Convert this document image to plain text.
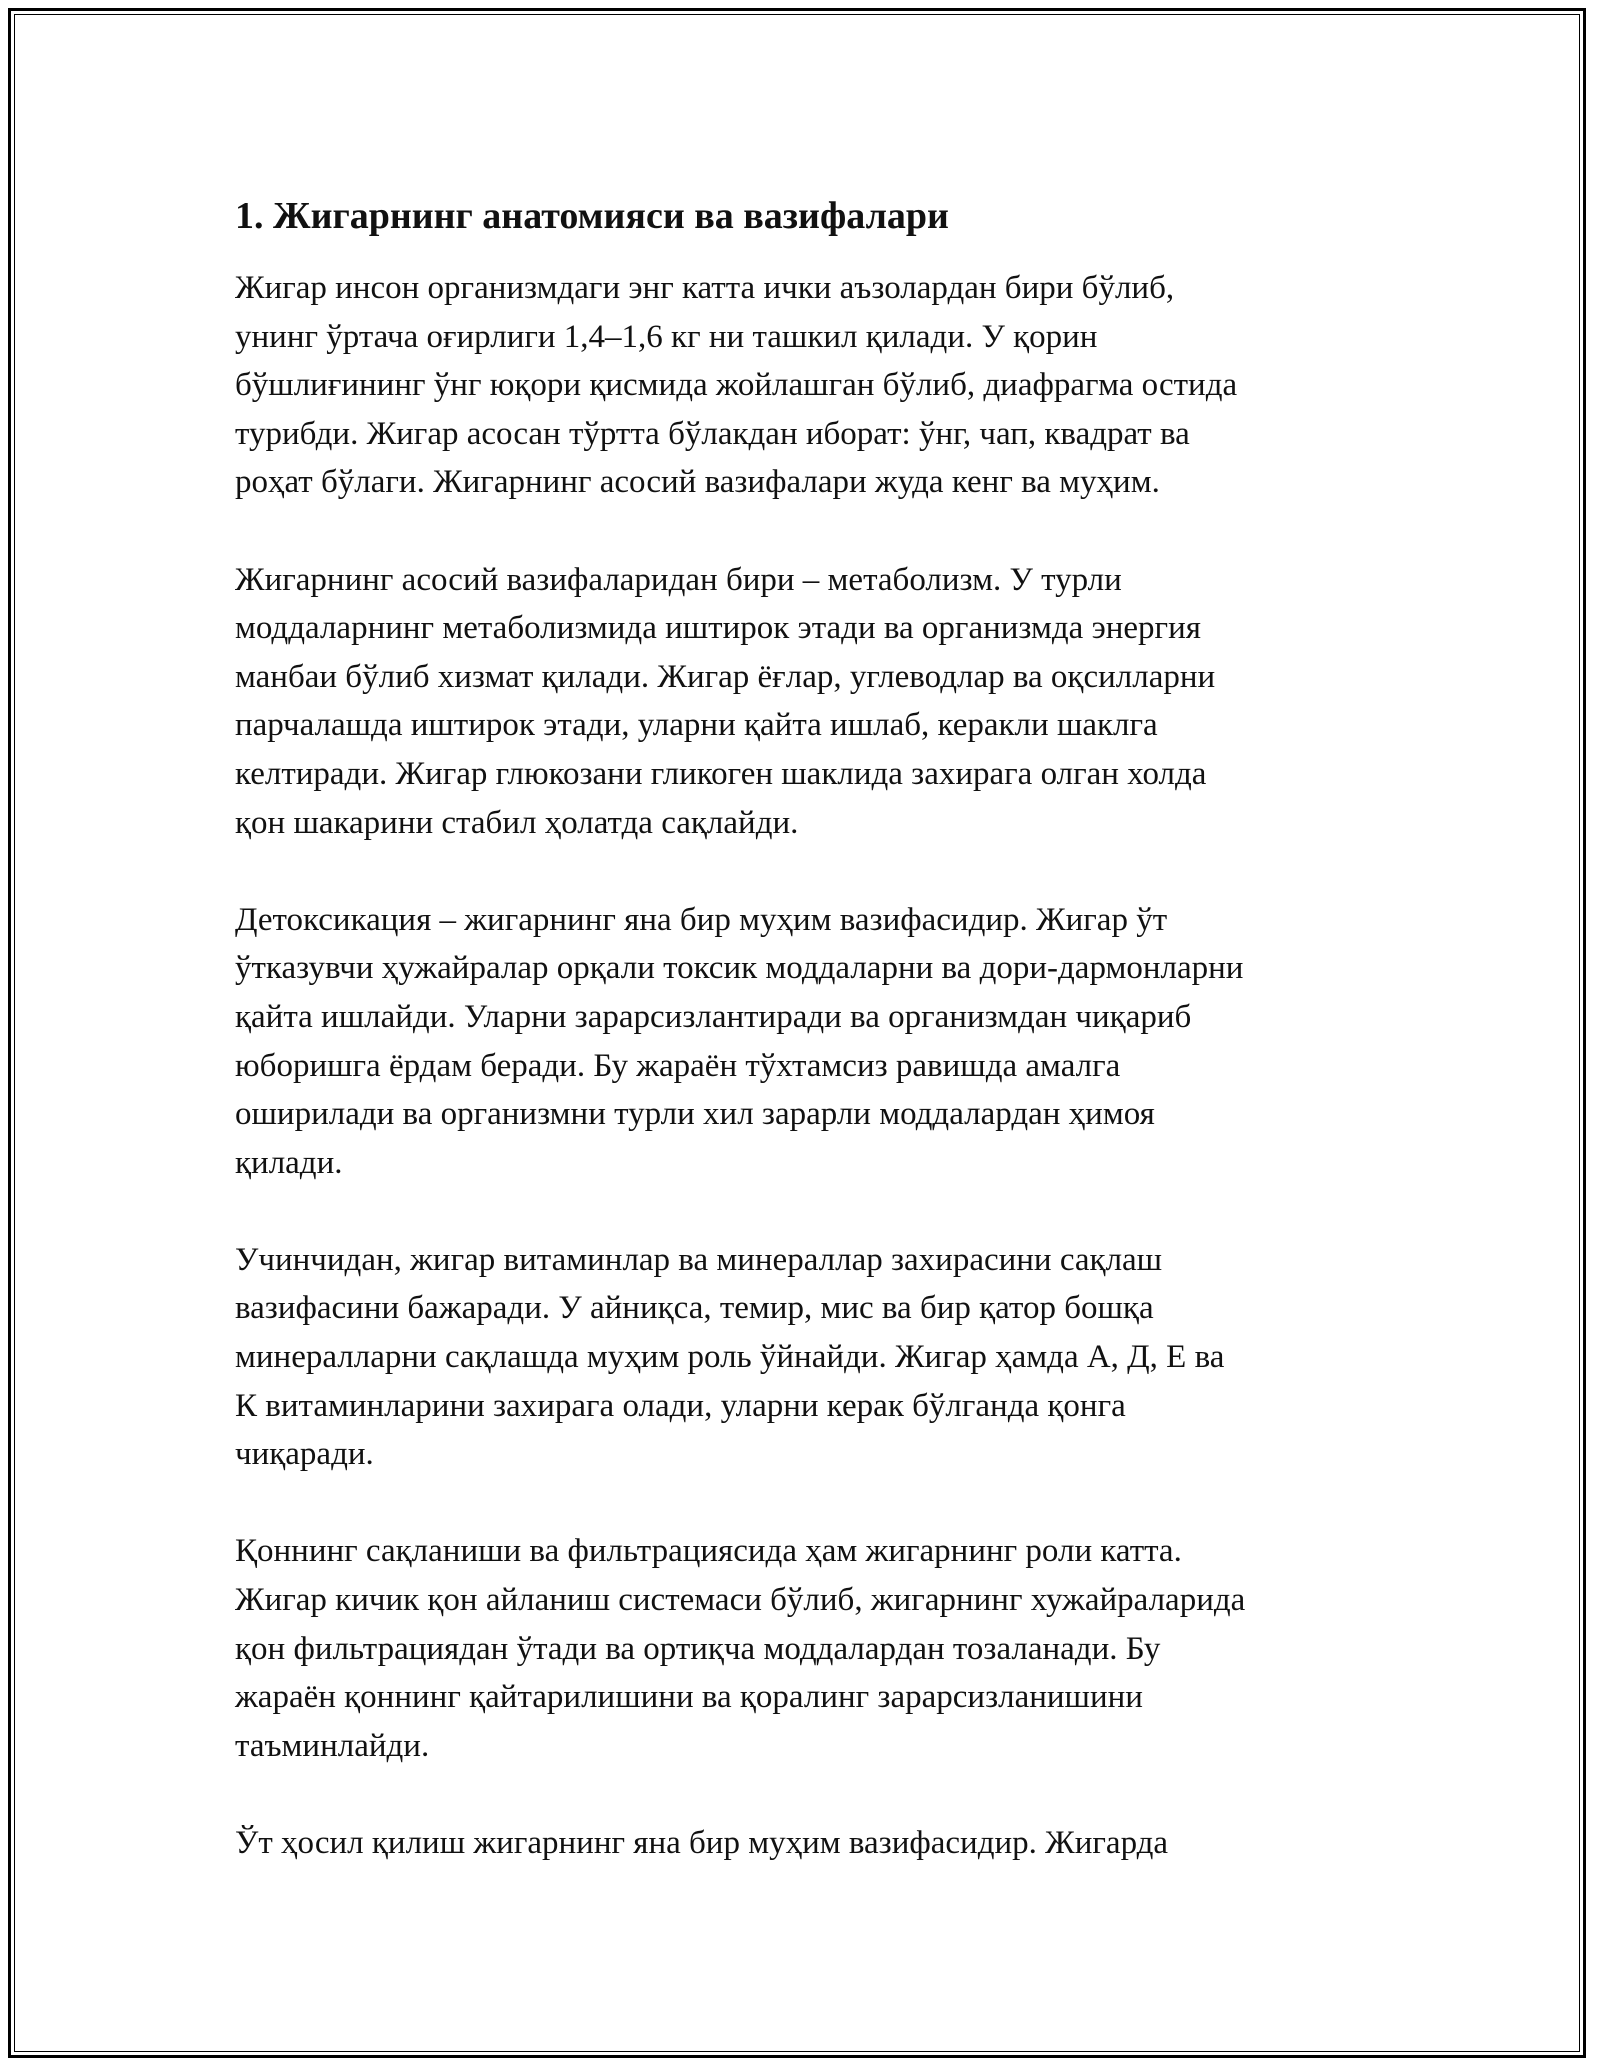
1. Жигарнинг анатомияси ва вазифалари

Жигар инсон организмдаги энг катта ички аъзолардан бири бўлиб,
унинг ўртача оғирлиги 1,4–1,6 кг ни ташкил қилади. У қорин
бўшлиғининг ўнг юқори қисмида жойлашган бўлиб, диафрагма остида
турибди. Жигар асосан тўртта бўлакдан иборат: ўнг, чап, квадрат ва
роҳат бўлаги. Жигарнинг асосий вазифалари жуда кенг ва муҳим.

Жигарнинг асосий вазифаларидан бири – метаболизм. У турли
моддаларнинг метаболизмида иштирок этади ва организмда энергия
манбаи бўлиб хизмат қилади. Жигар ёғлар, углеводлар ва оқсилларни
парчалашда иштирок этади, уларни қайта ишлаб, керакли шаклга
келтиради. Жигар глюкозани гликоген шаклида захирага олган холда
қон шакарини стабил ҳолатда сақлайди.

Детоксикация – жигарнинг яна бир муҳим вазифасидир. Жигар ўт
ўтказувчи ҳужайралар орқали токсик моддаларни ва дори-дармонларни
қайта ишлайди. Уларни зарарсизлантиради ва организмдан чиқариб
юборишга ёрдам беради. Бу жараён тўхтамсиз равишда амалга
оширилади ва организмни турли хил зарарли моддалардан ҳимоя
қилади.

Учинчидан, жигар витаминлар ва минераллар захирасини сақлаш
вазифасини бажаради. У айниқса, темир, мис ва бир қатор бошқа
минералларни сақлашда муҳим роль ўйнайди. Жигар ҳамда А, Д, Е ва
К витаминларини захирага олади, уларни керак бўлганда қонга
чиқаради.

Қоннинг сақланиши ва фильтрациясида ҳам жигарнинг роли катта.
Жигар кичик қон айланиш системаси бўлиб, жигарнинг хужайраларида
қон фильтрациядан ўтади ва ортиқча моддалардан тозаланади. Бу
жараён қоннинг қайтарилишини ва қоралинг зарарсизланишини
таъминлайди.

Ўт ҳосил қилиш жигарнинг яна бир муҳим вазифасидир. Жигарда
